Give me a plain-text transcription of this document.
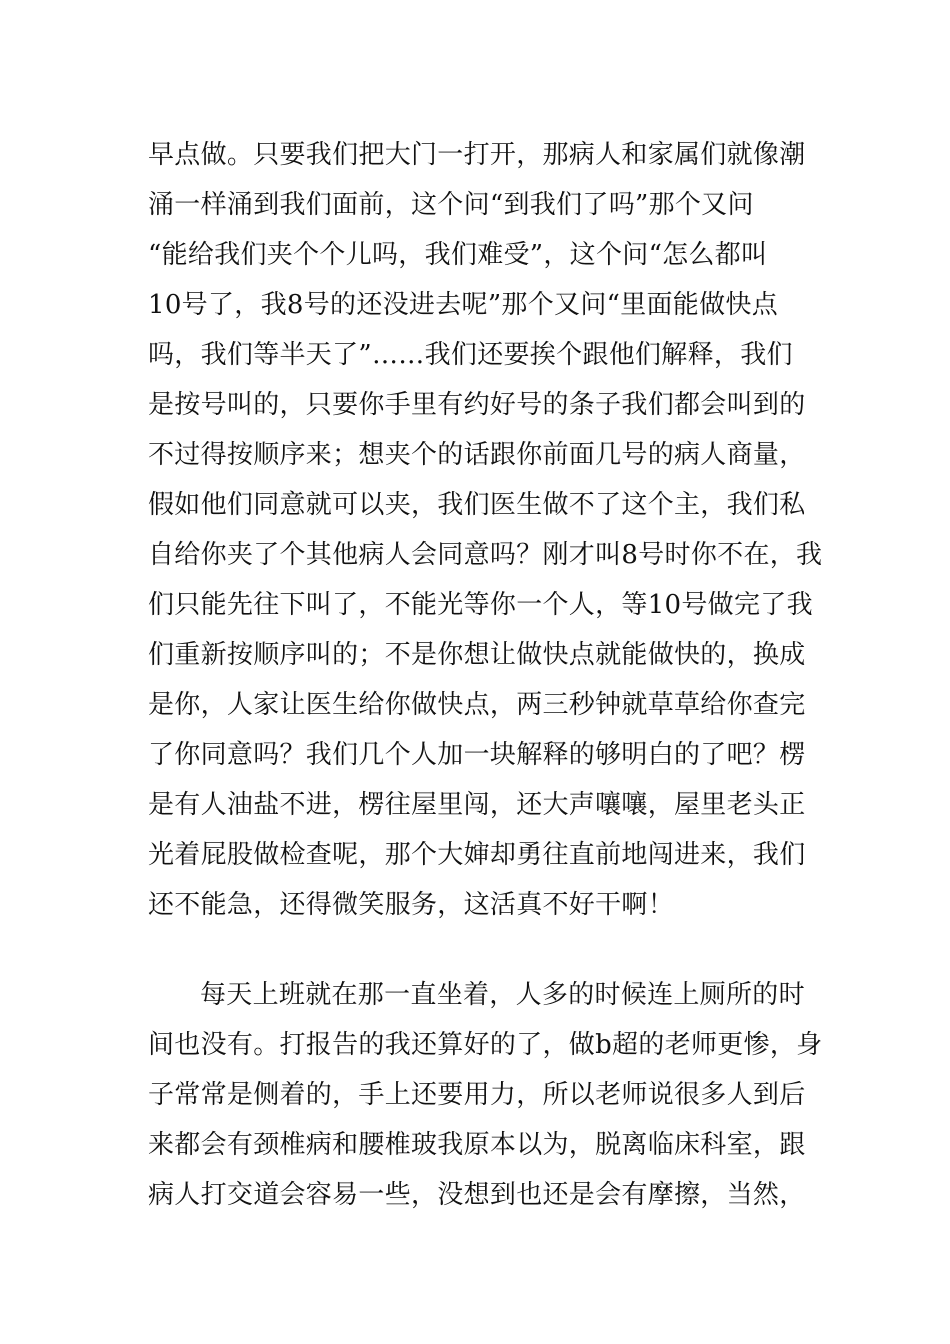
早点做。只要我们把大门一打开，那病人和家属们就像潮
涌一样涌到我们面前，这个问“到我们了吗”那个又问
“能给我们夹个个儿吗，我们难受”，这个问“怎么都叫
10号了，我8号的还没进去呢”那个又问“里面能做快点
吗，我们等半天了”……我们还要挨个跟他们解释，我们
是按号叫的，只要你手里有约好号的条子我们都会叫到的
不过得按顺序来；想夹个的话跟你前面几号的病人商量，
假如他们同意就可以夹，我们医生做不了这个主，我们私
自给你夹了个其他病人会同意吗？刚才叫8号时你不在，我
们只能先往下叫了，不能光等你一个人，等10号做完了我
们重新按顺序叫的；不是你想让做快点就能做快的，换成
是你，人家让医生给你做快点，两三秒钟就草草给你查完
了你同意吗？我们几个人加一块解释的够明白的了吧？楞
是有人油盐不进，楞往屋里闯，还大声嚷嚷，屋里老头正
光着屁股做检查呢，那个大婶却勇往直前地闯进来，我们
还不能急，还得微笑服务，这活真不好干啊！
每天上班就在那一直坐着，人多的时候连上厕所的时
间也没有。打报告的我还算好的了，做b超的老师更惨，身
子常常是侧着的，手上还要用力，所以老师说很多人到后
来都会有颈椎病和腰椎玻我原本以为，脱离临床科室，跟
病人打交道会容易一些，没想到也还是会有摩擦，当然，
